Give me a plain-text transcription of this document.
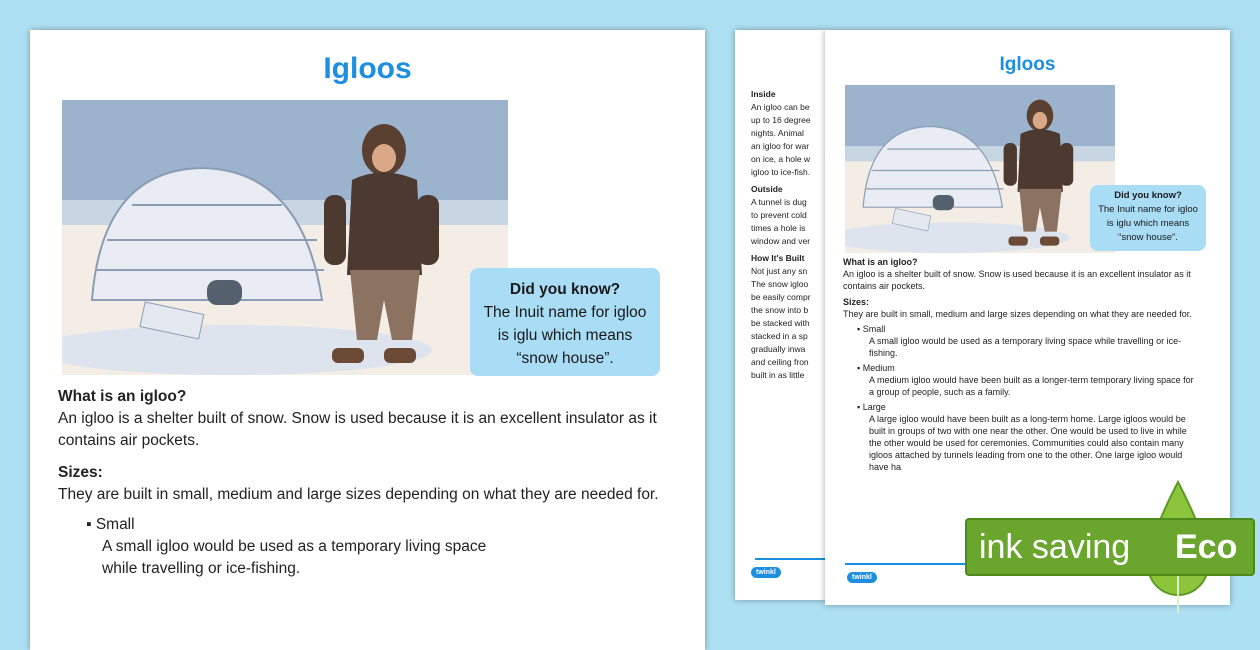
Igloos
Did you know?
The Inuit name for igloo is iglu which means “snow house”.
What is an igloo?

An igloo is a shelter built of snow. Snow is used because it is an excellent insulator as it contains air pockets.

Sizes:

They are built in small, medium and large sizes depending on what they are needed for.

▪ Small
A small igloo would be used as a temporary living space while travelling or ice-fishing.
Inside
An igloo can be
up to 16 degree
nights. Animal
an igloo for war
on ice, a hole w
igloo to ice-fish.
Outside
A tunnel is dug
to prevent cold
times a hole is
window and ver
How It's Built
Not just any sn
The snow igloo
be easily compr
the snow into b
be stacked with
stacked in a sp
gradually inwa
and ceiling fron
built in as little
twinkl
Igloos
Did you know?
The Inuit name for igloo is iglu which means “snow house”.
What is an igloo?

An igloo is a shelter built of snow. Snow is used because it is an excellent insulator as it contains air pockets.

Sizes:

They are built in small, medium and large sizes depending on what they are needed for.

▪ Small
A small igloo would be used as a temporary living space while travelling or ice-fishing.
▪ Medium
A medium igloo would have been built as a longer-term temporary living space for a group of people, such as a family.
▪ Large
A large igloo would have been built as a long-term home. Large igloos would be built in groups of two with one near the other. One would be used to live in while the other would be used for ceremonies. Communities could also contain many igloos attached by tunnels leading from one to the other. One large igloo would have ha
twinkl
ink saving Eco
